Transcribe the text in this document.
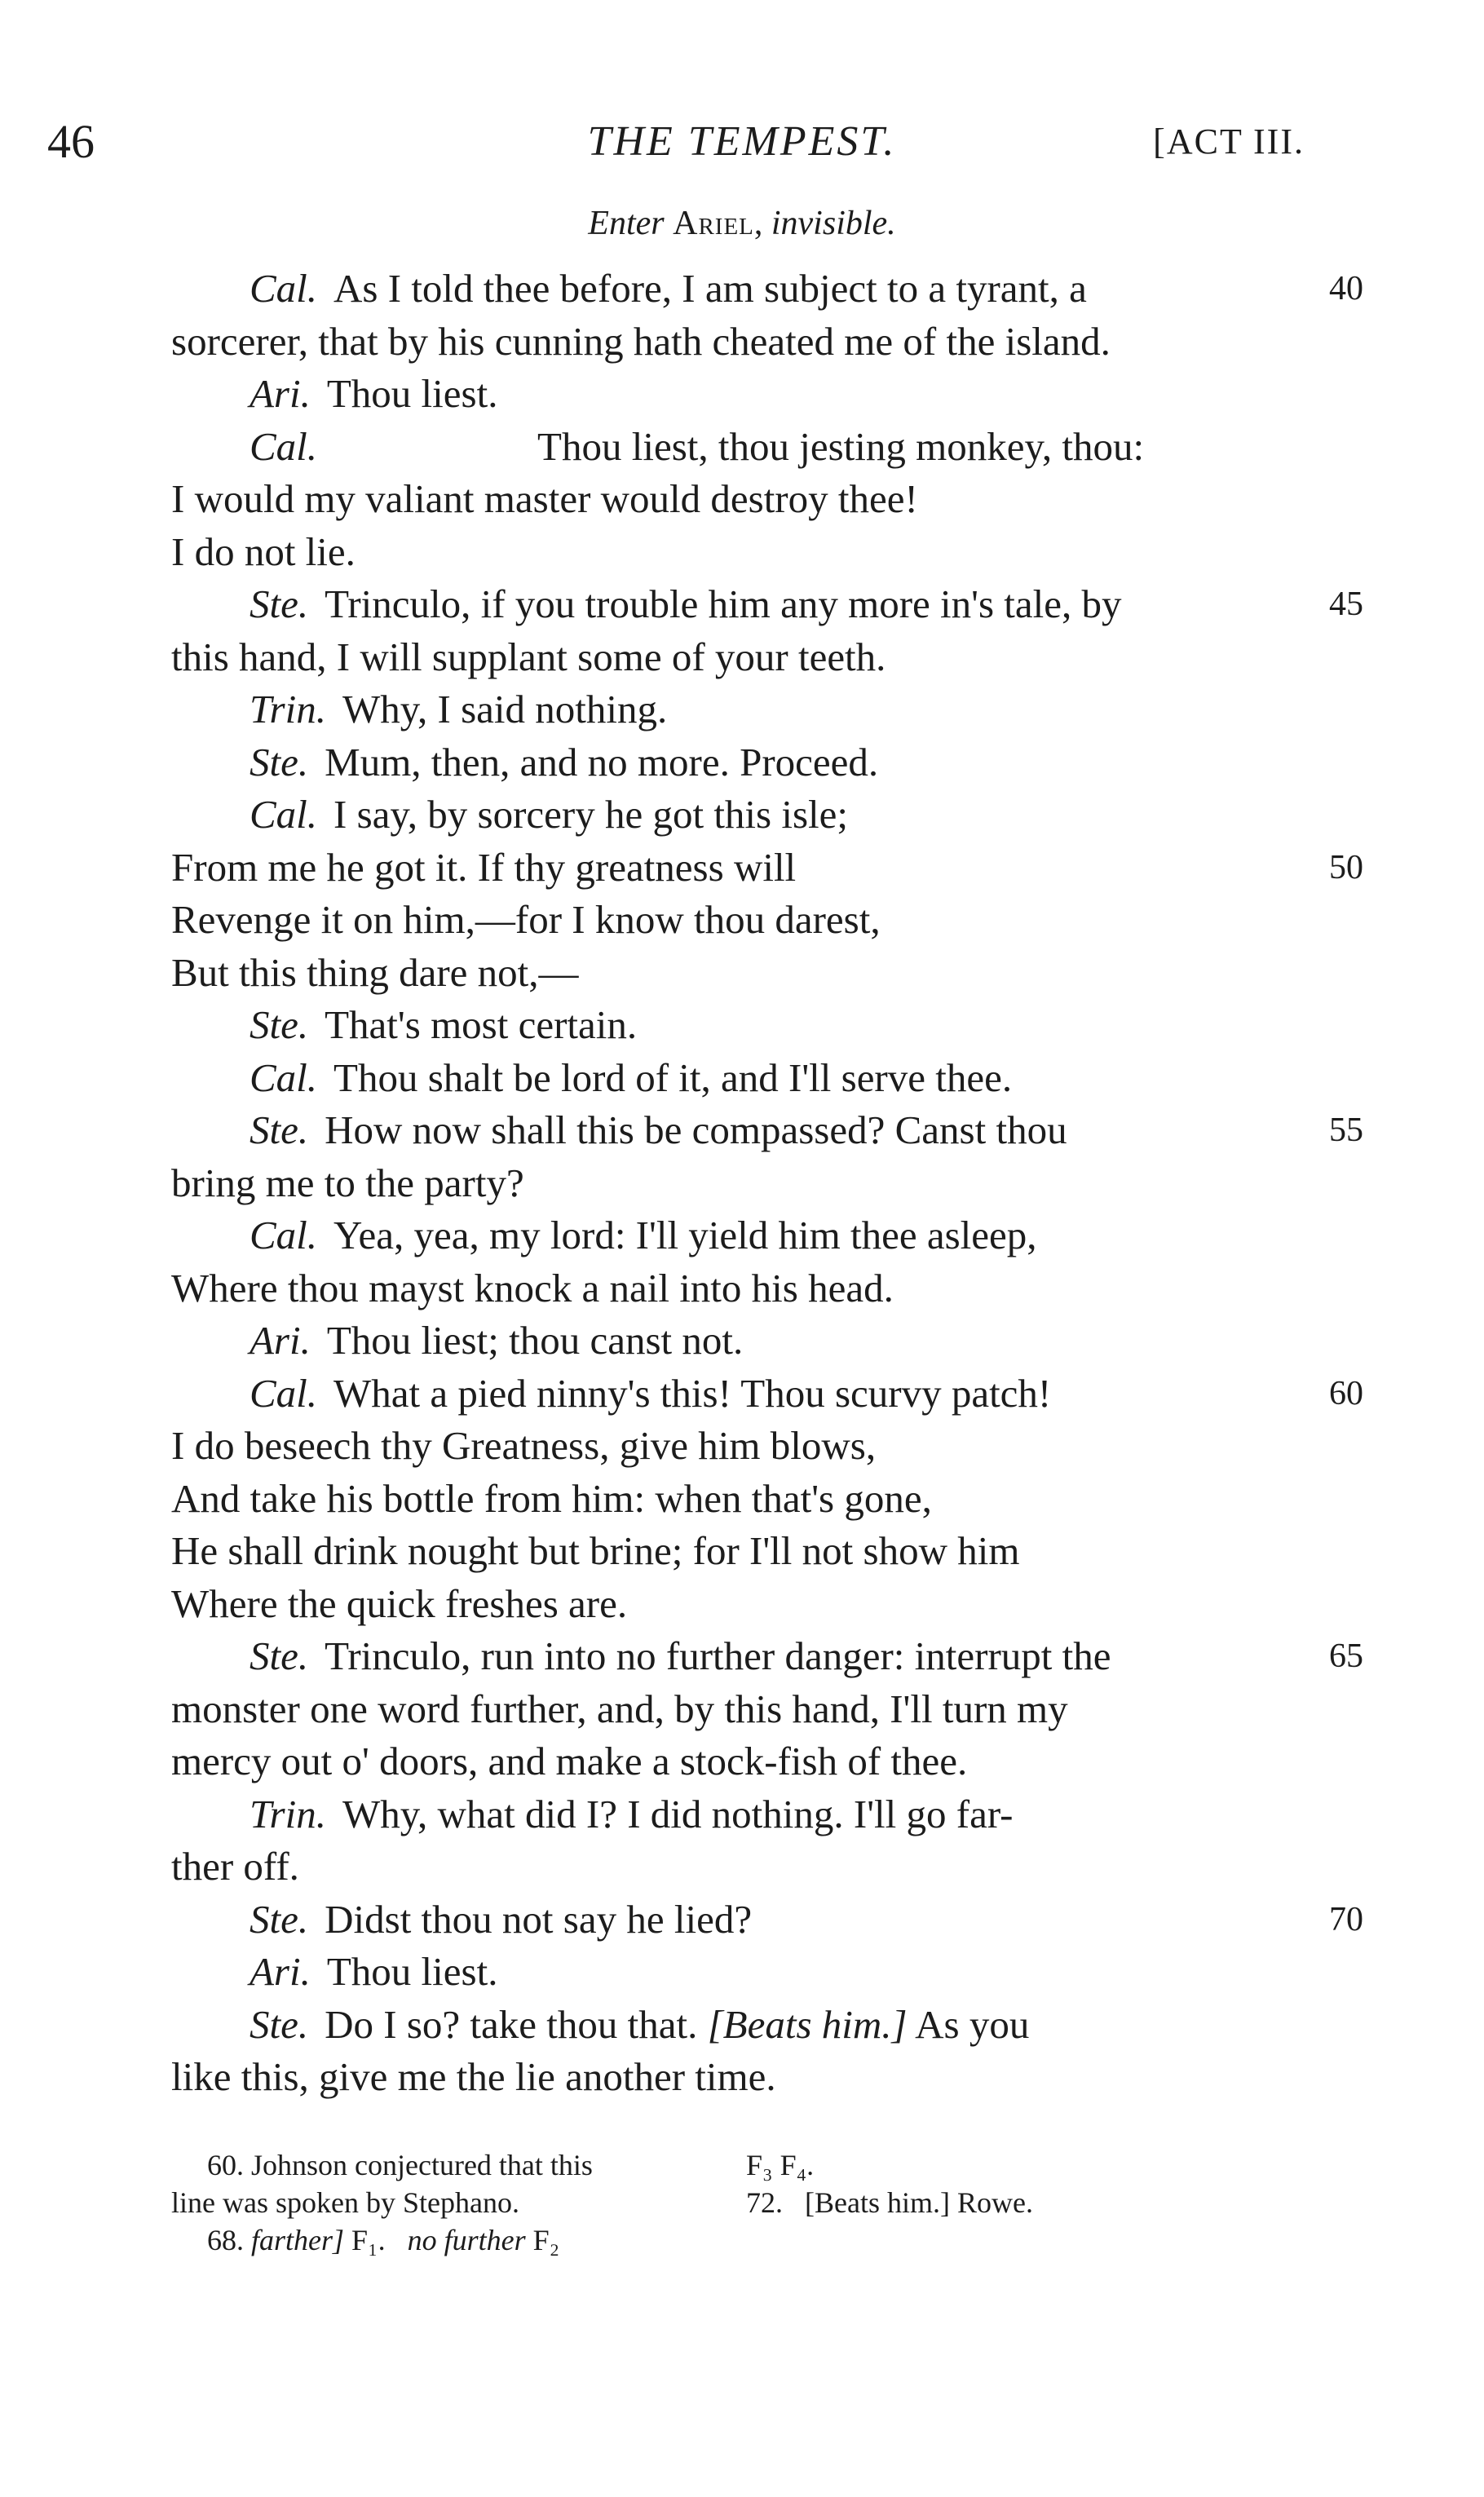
46	THE TEMPEST.	[ACT III.
Enter Ariel, invisible.
Cal. As I told thee before, I am subject to a tyrant, a	40
sorcerer, that by his cunning hath cheated me of the island.
Ari. Thou liest.
Cal.	Thou liest, thou jesting monkey, thou:
I would my valiant master would destroy thee!
I do not lie.
Ste. Trinculo, if you trouble him any more in's tale, by	45
this hand, I will supplant some of your teeth.
Trin. Why, I said nothing.
Ste. Mum, then, and no more. Proceed.
Cal. I say, by sorcery he got this isle;
From me he got it. If thy greatness will	50
Revenge it on him,—for I know thou darest,
But this thing dare not,—
Ste. That's most certain.
Cal. Thou shalt be lord of it, and I'll serve thee.
Ste. How now shall this be compassed? Canst thou	55
bring me to the party?
Cal. Yea, yea, my lord: I'll yield him thee asleep,
Where thou mayst knock a nail into his head.
Ari. Thou liest; thou canst not.
Cal. What a pied ninny's this! Thou scurvy patch!	60
I do beseech thy Greatness, give him blows,
And take his bottle from him: when that's gone,
He shall drink nought but brine; for I'll not show him
Where the quick freshes are.
Ste. Trinculo, run into no further danger: interrupt the	65
monster one word further, and, by this hand, I'll turn my
mercy out o' doors, and make a stock-fish of thee.
Trin. Why, what did I? I did nothing. I'll go far-
ther off.
Ste. Didst thou not say he lied?	70
Ari. Thou liest.
Ste. Do I so? take thou that. [Beats him.] As you
like this, give me the lie another time.
60. Johnson conjectured that this	F₃ F₄.
line was spoken by Stephano.	72. [Beats him.] Rowe.
68. farther] F₁. no further F₂
